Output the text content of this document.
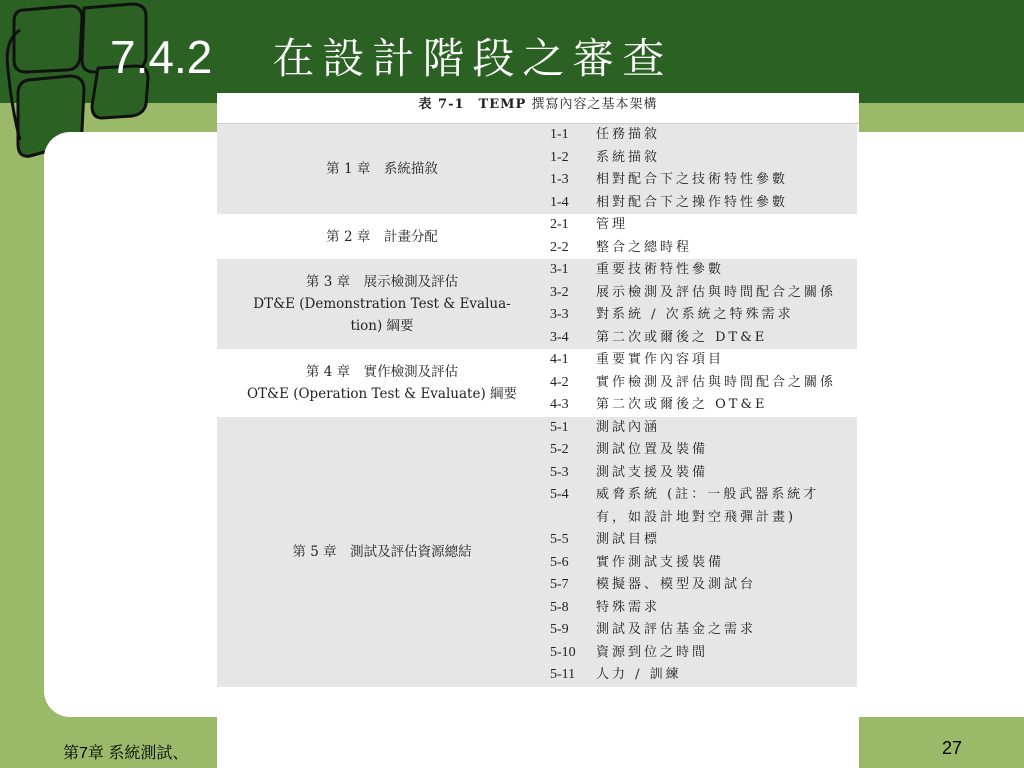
7.4.2 在設計階段之審查
表 7-1　TEMP 撰寫內容之基本架構
第 1 章　系統描敘
1-1	任務描敘
1-2	系統描敘
1-3	相對配合下之技術特性參數
1-4	相對配合下之操作特性參數
第 2 章　計畫分配
2-1	管理
2-2	整合之總時程
第 3 章　展示檢測及評估
DT&E (Demonstration Test & Evalua-
tion) 綱要
3-1	重要技術特性參數
3-2	展示檢測及評估與時間配合之關係
3-3	對系統 / 次系統之特殊需求
3-4	第二次或爾後之 DT&E
第 4 章　實作檢測及評估
OT&E (Operation Test & Evaluate) 綱要
4-1	重要實作內容項目
4-2	實作檢測及評估與時間配合之關係
4-3	第二次或爾後之 OT&E
第 5 章　測試及評估資源總結
5-1	測試內涵
5-2	測試位置及裝備
5-3	測試支援及裝備
5-4	威脅系統 (註：一般武器系統才有，如設計地對空飛彈計畫)
5-5	測試目標
5-6	實作測試支援裝備
5-7	模擬器、模型及測試台
5-8	特殊需求
5-9	測試及評估基金之需求
5-10	資源到位之時間
5-11	人力 / 訓練
第7章 系統測試、	27
